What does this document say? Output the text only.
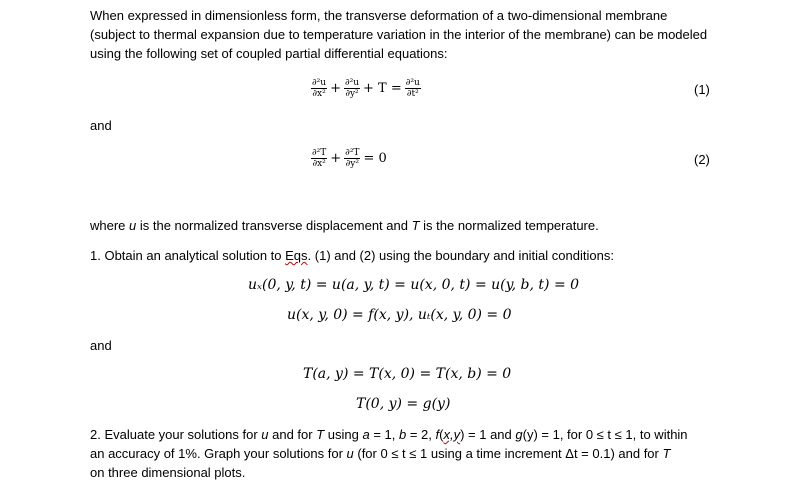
When expressed in dimensionless form, the transverse deformation of a two-dimensional membrane (subject to thermal expansion due to temperature variation in the interior of the membrane) can be modeled using the following set of coupled partial differential equations:
$\frac{\text{∂²u}}{\text{∂x²}} + \frac{\text{∂²u}}{\text{∂y²}} + T = \frac{\text{∂²u}}{\text{∂t²}}$	(1)
and
$\frac{\text{∂²T}}{\text{∂x²}} + \frac{\text{∂²T}}{\text{∂y²}} = 0$	(2)
where u is the normalized transverse displacement and T is the normalized temperature.
1. Obtain an analytical solution to Eqs. (1) and (2) using the boundary and initial conditions:
uₓ(0, y, t) = u(a, y, t) = u(x, 0, t) = u(y, b, t) = 0
u(x, y, 0) = f(x, y), uₜ(x, y, 0) = 0
and
T(a, y) = T(x, 0) = T(x, b) = 0
T(0, y) = g(y)
2. Evaluate your solutions for u and for T using a = 1, b = 2, f(x,y) = 1 and g(y) = 1, for 0 ≤ t ≤ 1, to within
an accuracy of 1%. Graph your solutions for u (for 0 ≤ t ≤ 1 using a time increment Δt = 0.1) and for T
on three dimensional plots.
